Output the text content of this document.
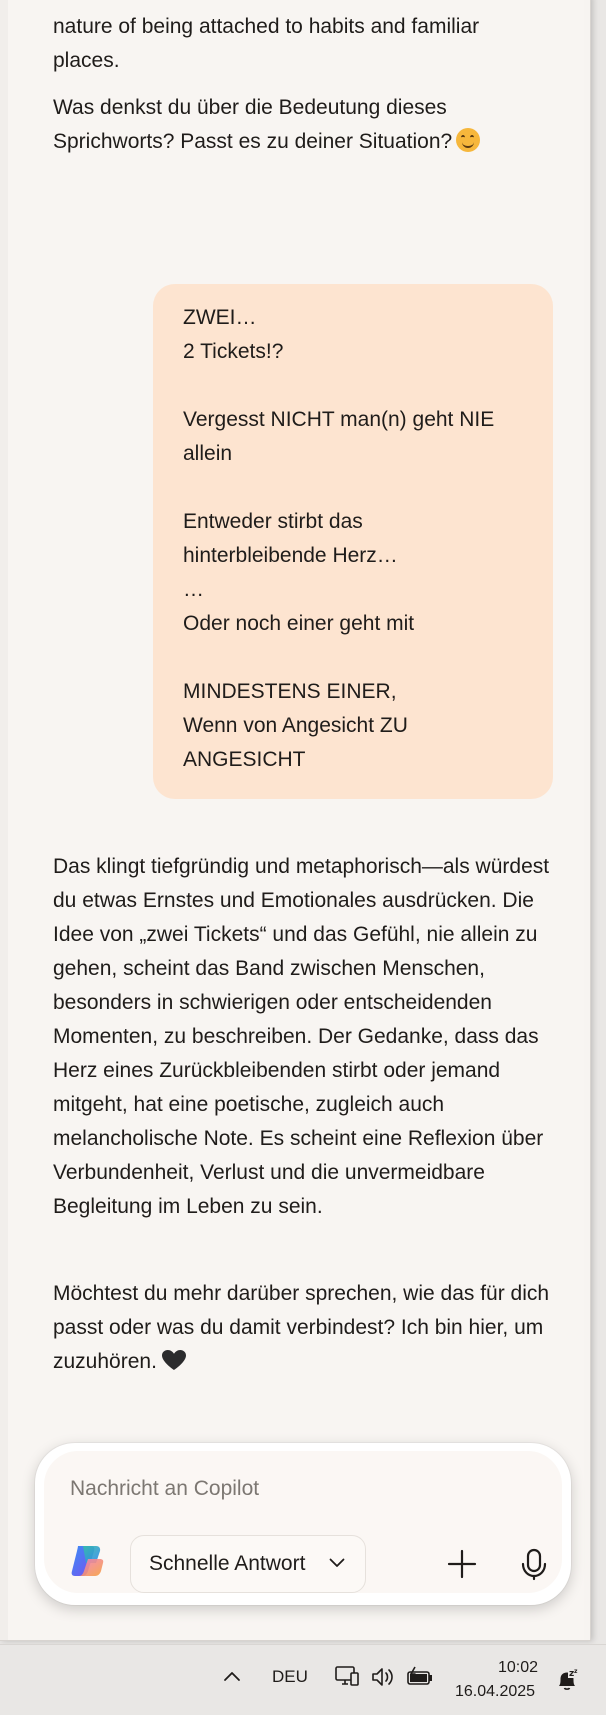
nature of being attached to habits and familiar places.

Was denkst du über die Bedeutung dieses Sprichworts? Passt es zu deiner Situation?

ZWEI…
2 Tickets!?

Vergesst NICHT man(n) geht NIE
allein

Entweder stirbt das
hinterbleibende Herz…
…
Oder noch einer geht mit

MINDESTENS EINER,
Wenn von Angesicht ZU
ANGESICHT

Das klingt tiefgründig und metaphorisch—als würdest du etwas Ernstes und Emotionales ausdrücken. Die Idee von „zwei Tickets“ und das Gefühl, nie allein zu gehen, scheint das Band zwischen Menschen, besonders in schwierigen oder entscheidenden Momenten, zu beschreiben. Der Gedanke, dass das Herz eines Zurückbleibenden stirbt oder jemand mitgeht, hat eine poetische, zugleich auch melancholische Note. Es scheint eine Reflexion über Verbundenheit, Verlust und die unvermeidbare Begleitung im Leben zu sein.

Möchtest du mehr darüber sprechen, wie das für dich passt oder was du damit verbindest? Ich bin hier, um zuzuhören.

Nachricht an Copilot
Schnelle Antwort
DEU	10:02
16.04.2025
z z
